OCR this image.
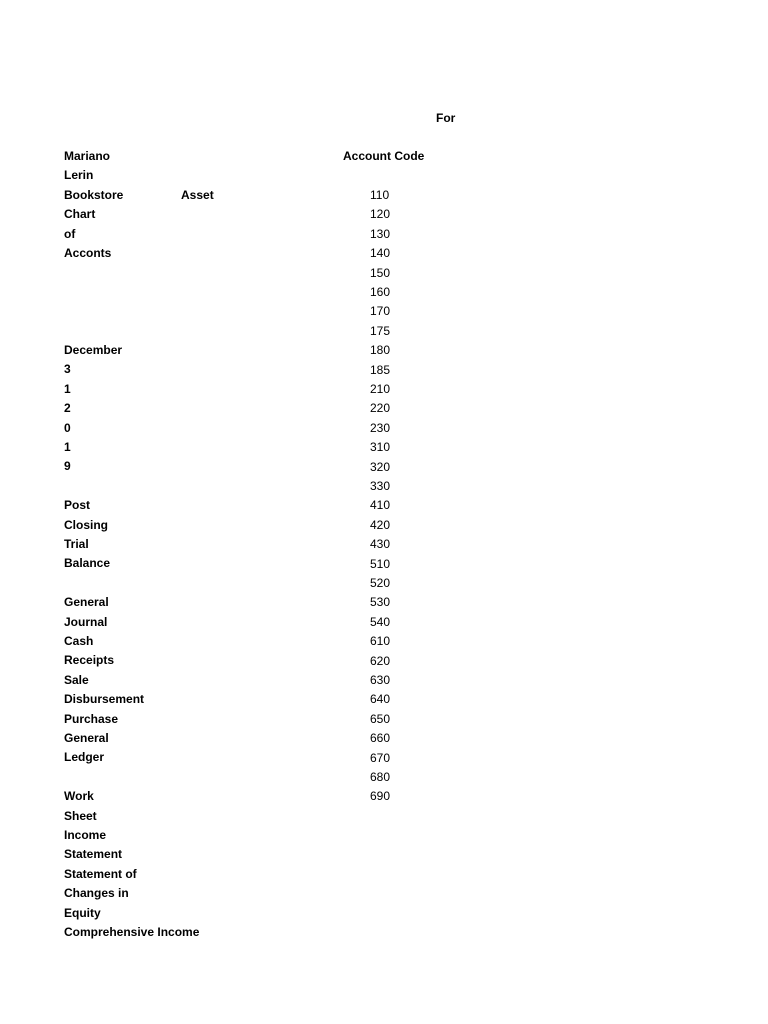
For
Account Code
Asset
Mariano
Lerin
Bookstore
Chart
of
Acconts
December
3
1
2
0
1
9
Post
Closing
Trial
Balance
General
Journal
Cash
Receipts
Sale
Disbursement
Purchase
General
Ledger
Work
Sheet
Income
Statement
Statement of
Changes in
Equity
Comprehensive Income
110
120
130
140
150
160
170
175
180
185
210
220
230
310
320
330
410
420
430
510
520
530
540
610
620
630
640
650
660
670
680
690
